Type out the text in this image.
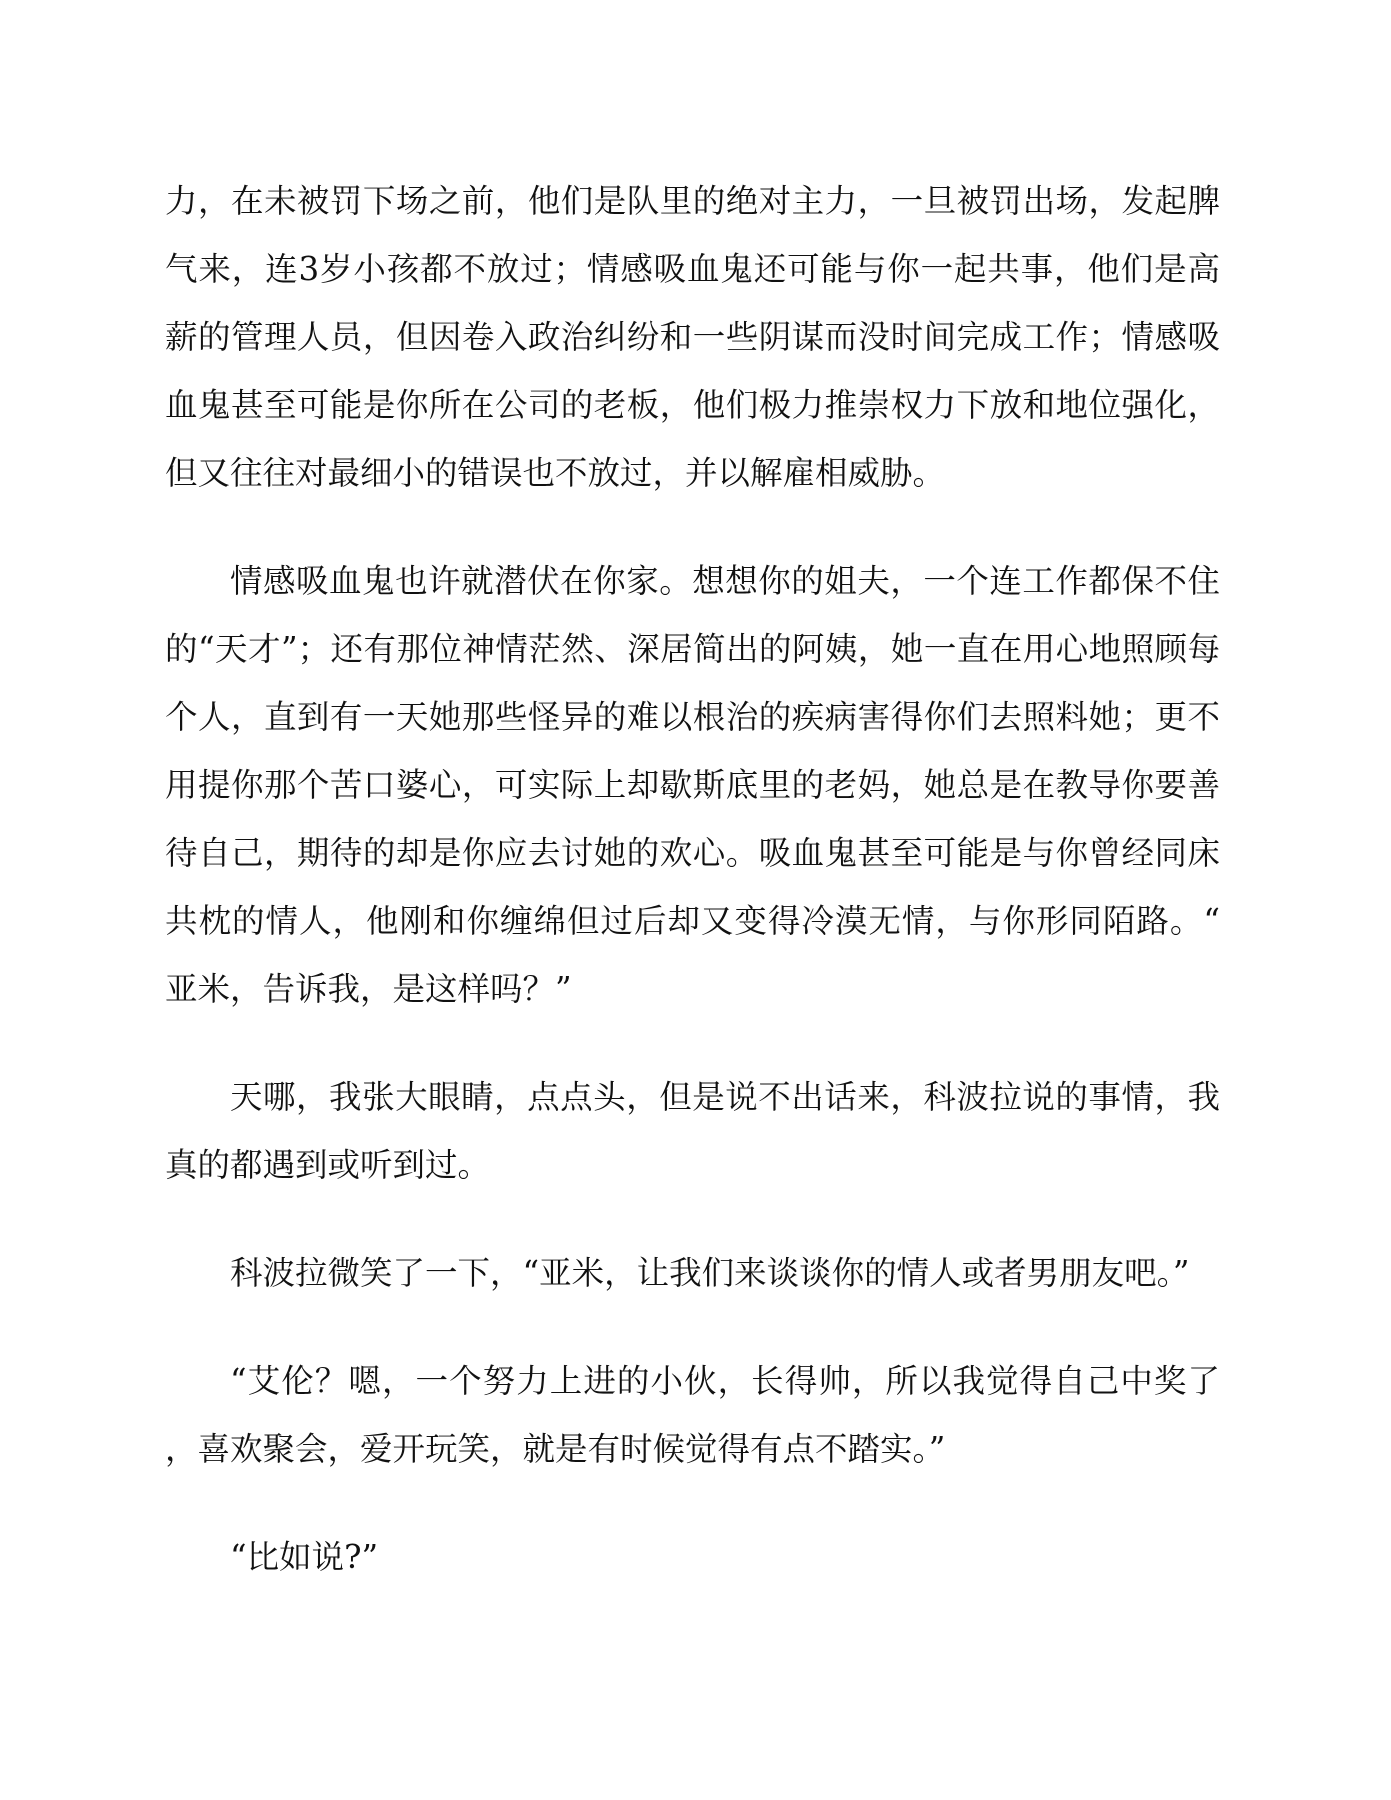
力，在未被罚下场之前，他们是队里的绝对主力，一旦被罚出场，发起脾气来，连3岁小孩都不放过；情感吸血鬼还可能与你一起共事，他们是高薪的管理人员，但因卷入政治纠纷和一些阴谋而没时间完成工作；情感吸血鬼甚至可能是你所在公司的老板，他们极力推崇权力下放和地位强化，但又往往对最细小的错误也不放过，并以解雇相威胁。

情感吸血鬼也许就潜伏在你家。想想你的姐夫，一个连工作都保不住的“天才”；还有那位神情茫然、深居简出的阿姨，她一直在用心地照顾每个人，直到有一天她那些怪异的难以根治的疾病害得你们去照料她；更不用提你那个苦口婆心，可实际上却歇斯底里的老妈，她总是在教导你要善待自己，期待的却是你应去讨她的欢心。吸血鬼甚至可能是与你曾经同床共枕的情人，他刚和你缠绵但过后却又变得冷漠无情，与你形同陌路。“亚米，告诉我，是这样吗？”

天哪，我张大眼睛，点点头，但是说不出话来，科波拉说的事情，我真的都遇到或听到过。

科波拉微笑了一下，“亚米，让我们来谈谈你的情人或者男朋友吧。”

“艾伦？嗯，一个努力上进的小伙，长得帅，所以我觉得自己中奖了，喜欢聚会，爱开玩笑，就是有时候觉得有点不踏实。”

“比如说?”
